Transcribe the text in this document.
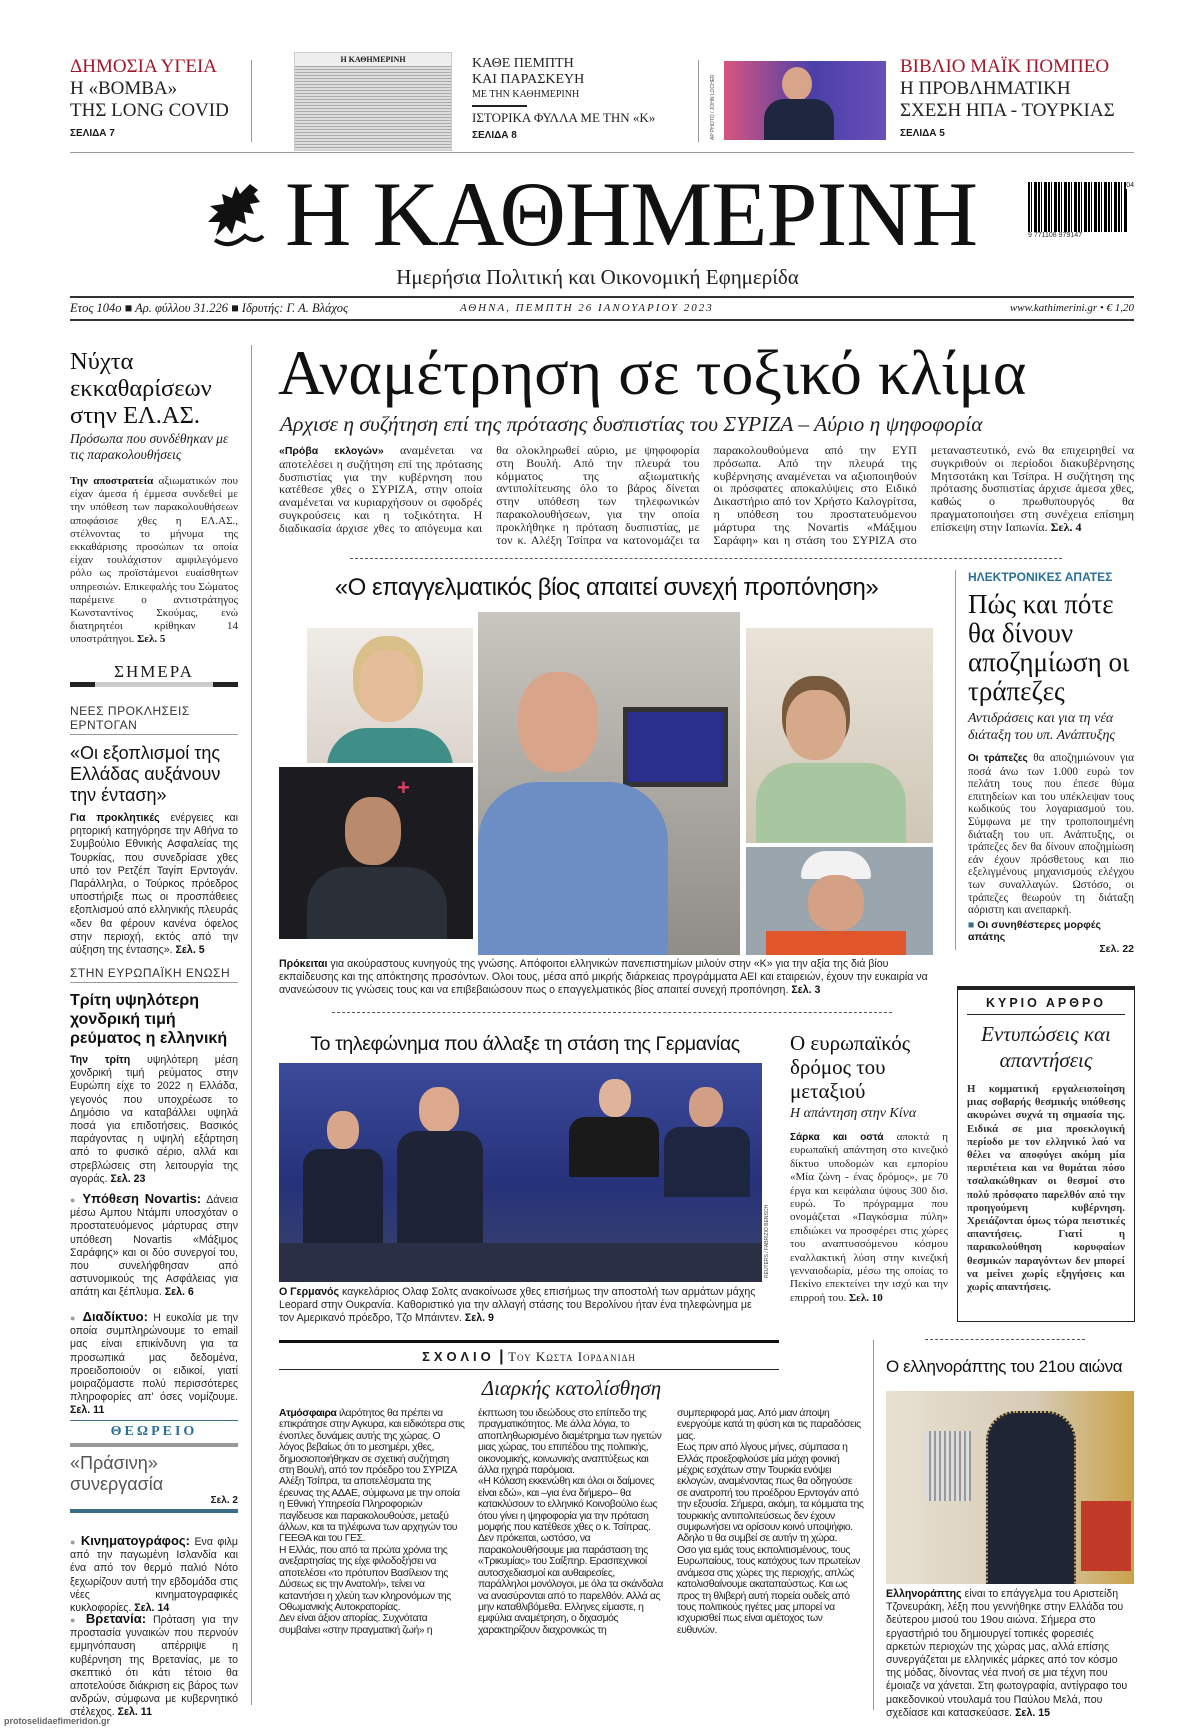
ΔΗΜΟΣΙΑ ΥΓΕΙΑ
Η «ΒΟΜΒΑ»
ΤΗΣ LONG COVID
ΣΕΛΙΔΑ 7
Η ΚΑΘΗΜΕΡΙΝΗ	ΚΑΘΕ ΠΕΜΠΤΗ
ΚΑΙ ΠΑΡΑΣΚΕΥΗ
ΜΕ ΤΗΝ ΚΑΘΗΜΕΡΙΝΗ
ΙΣΤΟΡΙΚΑ ΦΥΛΛΑ ΜΕ ΤΗΝ «Κ»
ΣΕΛΙΔΑ 8	AP PHOTO / JOHN LOCHER
ΒΙΒΛΙΟ ΜΑΪΚ ΠΟΜΠΕΟ
Η ΠΡΟΒΛΗΜΑΤΙΚΗ
ΣΧΕΣΗ ΗΠΑ - ΤΟΥΡΚΙΑΣ
ΣΕΛΙΔΑ 5
Η ΚΑΘΗΜΕΡΙΝΗ	9 771108 979147
04
Ημερήσια Πολιτική και Οικονομική Εφημερίδα
Ετος 104ο ■ Αρ. φύλλου 31.226 ■ Ιδρυτής: Γ. Α. Βλάχος	ΑΘΗΝΑ, ΠΕΜΠΤΗ 26 ΙΑΝΟΥΑΡΙΟΥ 2023	www.kathimerini.gr • € 1,20
Νύχτα εκκαθαρίσεων στην ΕΛ.ΑΣ.
Πρόσωπα που συνδέθηκαν με τις παρακολουθήσεις
Την αποστρατεία αξιωματικών που είχαν άμεσα ή έμμεσα συνδεθεί με την υπόθεση των παρακολουθήσεων αποφάσισε χθες η ΕΛ.ΑΣ., στέλνοντας το μήνυμα της εκκαθάρισης προσώπων τα οποία είχαν τουλάχιστον αμφιλεγόμενο ρόλο ως προϊστάμενοι ευαίσθητων υπηρεσιών. Επικεφαλής του Σώματος παρέμεινε ο αντιστράτηγος Κωνσταντίνος Σκούμας, ενώ διατηρητέοι κρίθηκαν 14 υποστράτηγοι. Σελ. 5
ΣΗΜΕΡΑ
ΝΕΕΣ ΠΡΟΚΛΗΣΕΙΣ ΕΡΝΤΟΓΑΝ
«Οι εξοπλισμοί της Ελλάδας αυξάνουν την ένταση»
Για προκλητικές ενέργειες και ρητορική κατηγόρησε την Αθήνα το Συμβούλιο Εθνικής Ασφαλείας της Τουρκίας, που συνεδρίασε χθες υπό τον Ρετζέπ Ταγίπ Ερντογάν. Παράλληλα, ο Τούρκος πρόεδρος υποστήριξε πως οι προσπάθειες εξοπλισμού από ελληνικής πλευράς «δεν θα φέρουν κανένα όφελος στην περιοχή, εκτός από την αύξηση της έντασης». Σελ. 5
ΣΤΗΝ ΕΥΡΩΠΑΪΚΗ ΕΝΩΣΗ
Τρίτη υψηλότερη χονδρική τιμή ρεύματος η ελληνική
Την τρίτη υψηλότερη μέση χονδρική τιμή ρεύματος στην Ευρώπη είχε το 2022 η Ελλάδα, γεγονός που υποχρέωσε το Δημόσιο να καταβάλλει υψηλά ποσά για επιδοτήσεις. Βασικός παράγοντας η υψηλή εξάρτηση από το φυσικό αέριο, αλλά και στρεβλώσεις στη λειτουργία της αγοράς. Σελ. 23
● Υπόθεση Novartis: Δάνεια μέσω Αμπου Ντάμπι υποσχόταν ο προστατευόμενος μάρτυρας στην υπόθεση Novartis «Μάξιμος Σαράφης» και οι δύο συνεργοί του, που συνελήφθησαν από αστυνομικούς της Ασφάλειας για απάτη και ξέπλυμα. Σελ. 6
● Διαδίκτυο: Η ευκολία με την οποία συμπληρώνουμε το email μας είναι επικίνδυνη για τα προσωπικά μας δεδομένα, προειδοποιούν οι ειδικοί, γιατί μοιραζόμαστε πολύ περισσότερες πληροφορίες απ' όσες νομίζουμε. Σελ. 11
ΘΕΩΡΕΙΟ
«Πράσινη» συνεργασία
Σελ. 2
● Κινηματογράφος: Ενα φιλμ από την παγωμένη Ισλανδία και ένα από τον θερμό παλιό Νότο ξεχωρίζουν αυτή την εβδομάδα στις νέες κινηματογραφικές κυκλοφορίες. Σελ. 14
● Βρετανία: Πρόταση για την προστασία γυναικών που περνούν εμμηνόπαυση απέρριψε η κυβέρνηση της Βρετανίας, με το σκεπτικό ότι κάτι τέτοιο θα αποτελούσε διάκριση εις βάρος των ανδρών, σύμφωνα με κυβερνητικό στέλεχος. Σελ. 11
protoselidaefimeridon.gr
Αναμέτρηση σε τοξικό κλίμα
Αρχισε η συζήτηση επί της πρότασης δυσπιστίας του ΣΥΡΙΖΑ – Αύριο η ψηφοφορία
«Πρόβα εκλογών» αναμένεται να αποτελέσει η συζήτηση επί της πρότασης δυσπιστίας για την κυβέρνηση που κατέθεσε χθες ο ΣΥΡΙΖΑ, στην οποία αναμένεται να κυριαρχήσουν οι σφοδρές συγκρούσεις και η τοξικότητα. Η διαδικασία άρχισε χθες το απόγευμα και θα ολοκληρωθεί αύριο, με ψηφοφορία στη Βουλή. Από την πλευρά του κόμματος της αξιωματικής αντιπολίτευσης όλο το βάρος δίνεται στην υπόθεση των τηλεφωνικών παρακολουθήσεων, για την οποία προκλήθηκε η πρόταση δυσπιστίας, με τον κ. Αλέξη Τσίπρα να κατονομάζει τα παρακολουθούμενα από την ΕΥΠ πρόσωπα. Από την πλευρά της κυβέρνησης αναμένεται να αξιοποιηθούν οι πρόσφατες αποκαλύψεις στο Ειδικό Δικαστήριο από τον Χρήστο Καλογρίτσα, η υπόθεση του προστατευόμενου μάρτυρα της Novartis «Μάξιμου Σαράφη» και η στάση του ΣΥΡΙΖΑ στο μεταναστευτικό, ενώ θα επιχειρηθεί να συγκριθούν οι περίοδοι διακυβέρνησης Μητσοτάκη και Τσίπρα. Η συζήτηση της πρότασης δυσπιστίας άρχισε άμεσα χθες, καθώς ο πρωθυπουργός θα πραγματοποιήσει στη συνέχεια επίσημη επίσκεψη στην Ιαπωνία. Σελ. 4
«Ο επαγγελματικός βίος απαιτεί συνεχή προπόνηση»
+
Πρόκειται για ακούραστους κυνηγούς της γνώσης. Απόφοιτοι ελληνικών πανεπιστημίων μιλούν στην «Κ» για την αξία της διά βίου εκπαίδευσης και της απόκτησης προσόντων. Ολοι τους, μέσα από μικρής διάρκειας προγράμματα ΑΕΙ και εταιρειών, έχουν την ευκαιρία να ανανεώσουν τις γνώσεις τους και να επιβεβαιώσουν πως ο επαγγελματικός βίος απαιτεί συνεχή προπόνηση. Σελ. 3
ΗΛΕΚΤΡΟΝΙΚΕΣ ΑΠΑΤΕΣ
Πώς και πότε θα δίνουν αποζημίωση οι τράπεζες
Αντιδράσεις και για τη νέα διάταξη του υπ. Ανάπτυξης
Οι τράπεζες θα αποζημιώνουν για ποσά άνω των 1.000 ευρώ τον πελάτη τους που έπεσε θύμα επιτηδείων και του υπέκλεψαν τους κωδικούς του λογαριασμού του. Σύμφωνα με την τροποποιημένη διάταξη του υπ. Ανάπτυξης, οι τράπεζες δεν θα δίνουν αποζημίωση εάν έχουν πρόσθετους και πιο εξελιγμένους μηχανισμούς ελέγχου των συναλλαγών. Ωστόσο, οι τράπεζες θεωρούν τη διάταξη αόριστη και ανεπαρκή.
■ Οι συνηθέστερες μορφές απάτης
Σελ. 22
ΚΥΡΙΟ ΑΡΘΡΟ
Εντυπώσεις και απαντήσεις
Η κομματική εργαλειοποίηση μιας σοβαρής θεσμικής υπόθεσης ακυρώνει συχνά τη σημασία της. Ειδικά σε μια προεκλογική περίοδο με τον ελληνικό λαό να θέλει να αποφύγει ακόμη μία περιπέτεια και να θυμάται πόσο τσαλακώθηκαν οι θεσμοί στο πολύ πρόσφατο παρελθόν από την προηγούμενη κυβέρνηση. Χρειάζονται όμως τώρα πειστικές απαντήσεις. Γιατί η παρακολούθηση κορυφαίων θεσμικών παραγόντων δεν μπορεί να μείνει χωρίς εξηγήσεις και χωρίς απαντήσεις.
Το τηλεφώνημα που άλλαξε τη στάση της Γερμανίας
REUTERS / FABRIZIO BENSCH
Ο Γερμανός καγκελάριος Ολαφ Σολτς ανακοίνωσε χθες επισήμως την αποστολή των αρμάτων μάχης Leopard στην Ουκρανία. Καθοριστικό για την αλλαγή στάσης του Βερολίνου ήταν ένα τηλεφώνημα με τον Αμερικανό πρόεδρο, Τζο Μπάιντεν. Σελ. 9
Ο ευρωπαϊκός δρόμος του μεταξιού
Η απάντηση στην Κίνα
Σάρκα και οστά αποκτά η ευρωπαϊκή απάντηση στο κινεζικό δίκτυο υποδομών και εμπορίου «Μία ζώνη - ένας δρόμος», με 70 έργα και κεφάλαια ύψους 300 δισ. ευρώ. Το πρόγραμμα που ονομάζεται «Παγκόσμια πύλη» επιδιώκει να προσφέρει στις χώρες του αναπτυσσόμενου κόσμου εναλλακτική λύση στην κινεζική γενναιοδωρία, μέσω της οποίας το Πεκίνο επεκτείνει την ισχύ και την επιρροή του. Σελ. 10
ΣΧΟΛΙΟ | Του Κωστα Ιορδανιδη
Διαρκής κατολίσθηση
Ατμόσφαιρα ιλαρότητος θα πρέπει να επικράτησε στην Αγκυρα, και ειδικότερα στις ένοπλες δυνάμεις αυτής της χώρας. Ο λόγος βεβαίως ότι το μεσημέρι, χθες, δημοσιοποιήθηκαν σε σχετική συζήτηση στη Βουλή, από τον πρόεδρο του ΣΥΡΙΖΑ Αλέξη Τσίπρα, τα αποτελέσματα της έρευνας της ΑΔΑΕ, σύμφωνα με την οποία η Εθνική Υπηρεσία Πληροφοριών παγίδευσε και παρακολουθούσε, μεταξύ άλλων, και τα τηλέφωνα των αρχηγών του ΓΕΕΘΑ και του ΓΕΣ.
Η Ελλάς, που από τα πρώτα χρόνια της ανεξαρτησίας της είχε φιλοδοξήσει να αποτελέσει «το πρότυπον Βασίλειον της Δύσεως εις την Ανατολή», τείνει να καταντήσει η χλεύη των κληρονόμων της Οθωμανικής Αυτοκρατορίας.
Δεν είναι άξιον απορίας. Συχνότατα συμβαίνει «στην πραγματική ζωή» η έκπτωση του ιδεώδους στο επίπεδο της πραγματικότητος. Με άλλα λόγια, το αποπληθωρισμένο διαμέτρημα των ηγετών μιας χώρας, του επιπέδου της πολιτικής, οικονομικής, κοινωνικής αναπτύξεως και άλλα ηχηρά παρόμοια.
«Η Κόλαση εκκενώθη και όλοι οι δαίμονες είναι εδώ», και –για ένα διήμερο– θα κατακλύσουν το ελληνικό Κοινοβούλιο έως ότου γίνει η ψηφοφορία για την πρόταση μομφής που κατέθεσε χθες ο κ. Τσίπρας. Δεν πρόκειται, ωστόσο, να παρακολουθήσουμε μια παράσταση της «Τρικυμίας» του Σαίξπηρ. Ερασιτεχνικοί αυτοσχεδιασμοί και αυθαιρεσίες, παράλληλοι μονόλογοι, με όλα τα σκάνδαλα να ανασύρονται από το παρελθόν. Αλλά ας μην καταθλιβόμεθα. Ελληνες είμαστε, η εμφύλια αναμέτρηση, ο διχασμός χαρακτηρίζουν διαχρονικώς τη συμπεριφορά μας. Από μιαν άποψη ενεργούμε κατά τη φύση και τις παραδόσεις μας.
Εως πριν από λίγους μήνες, σύμπασα η Ελλάς προεξοφλούσε μία μάχη φονική μέχρις εσχάτων στην Τουρκία ενόψει εκλογών, αναμένοντας πως θα οδηγούσε σε ανατροπή του προέδρου Ερντογάν από την εξουσία. Σήμερα, ακόμη, τα κόμματα της τουρκικής αντιπολιτεύσεως δεν έχουν συμφωνήσει να ορίσουν κοινό υποψήφιο. Αδηλο τι θα συμβεί σε αυτήν τη χώρα.
Οσο για εμάς τους εκπολιτισμένους, τους Ευρωπαίους, τους κατόχους των πρωτείων ανάμεσα στις χώρες της περιοχής, απλώς κατολισθαίνουμε ακαταπαύστως. Και ως προς τη θλιβερή αυτή πορεία ουδείς από τους πολιτικούς ηγέτες μας μπορεί να ισχυρισθεί πως είναι αμέτοχος των ευθυνών.
Ο ελληνοράπτης του 21ου αιώνα
Ελληνοράπτης είναι το επάγγελμα του Αριστείδη Τζονευράκη, λέξη που γεννήθηκε στην Ελλάδα του δεύτερου μισού του 19ου αιώνα. Σήμερα στο εργαστήριό του δημιουργεί τοπικές φορεσιές αρκετών περιοχών της χώρας μας, αλλά επίσης συνεργάζεται με ελληνικές μάρκες από τον κόσμο της μόδας, δίνοντας νέα πνοή σε μια τέχνη που έμοιαζε να χάνεται. Στη φωτογραφία, αντίγραφο του μακεδονικού ντουλαμά του Παύλου Μελά, που σχεδίασε και κατασκεύασε. Σελ. 15
